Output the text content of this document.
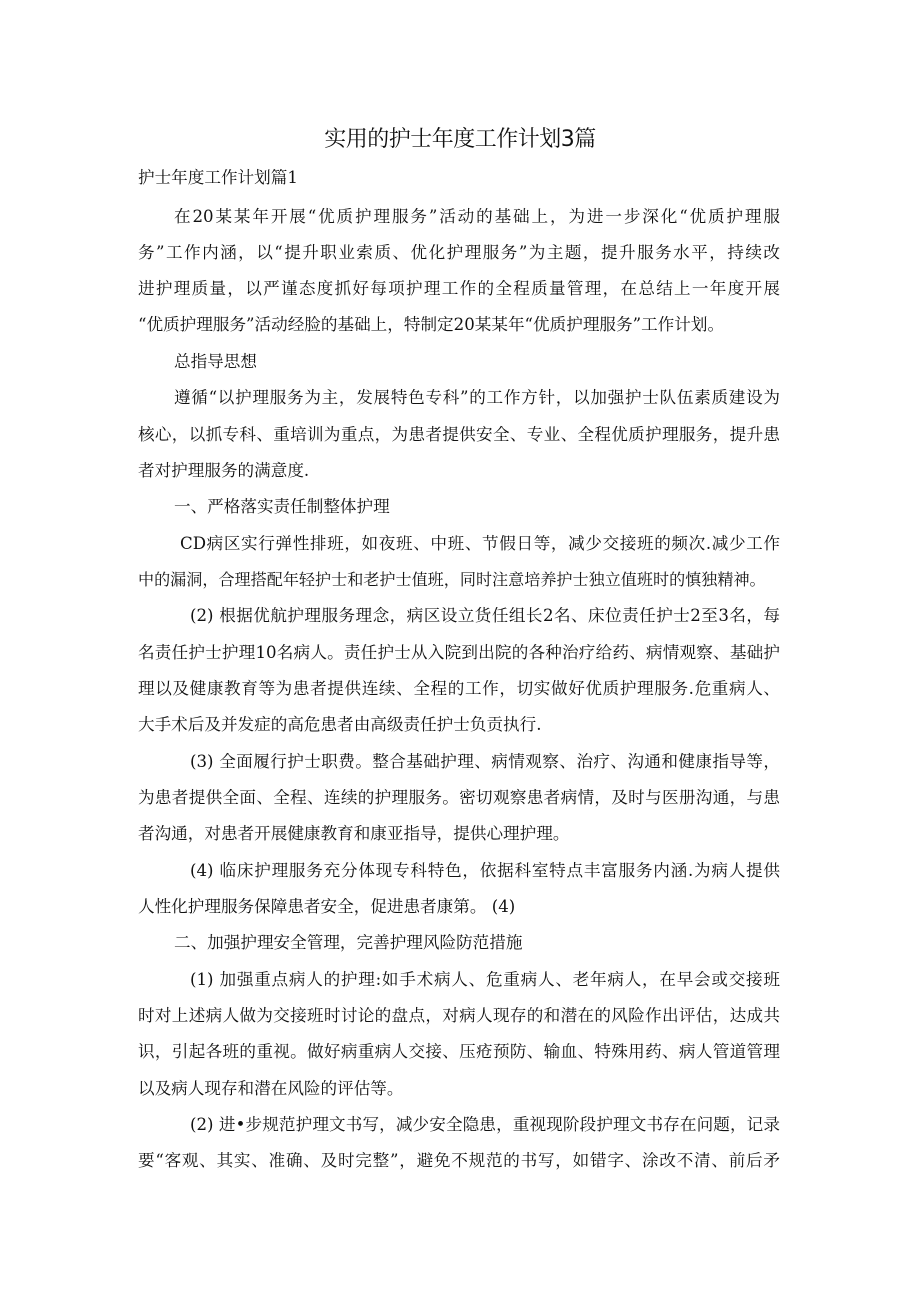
实用的护士年度工作计划3篇
护士年度工作计划篇1
在20某某年开展“优质护理服务”活动的基础上，为进一步深化“优质护理服
务”工作内涵，以“提升职业索质、优化护理服务”为主题，提升服务水平，持续改
进护理质量，以严谨态度抓好每项护理工作的全程质量管理，在总结上一年度开展
“优质护理服务”活动经脸的基础上，特制定20某某年“优质护理服务”工作计划。
总指导思想
遵循“以护理服务为主，发展特色专科”的工作方针，以加强护士队伍素质建设为
核心，以抓专科、重培训为重点，为患者提供安全、专业、全程优质护理服务，提升患
者对护理服务的满意度.
一、严格落实责任制整体护理
CD病区实行弹性排班，如夜班、中班、节假日等，减少交接班的频次.减少工作
中的漏洞，合理搭配年轻护士和老护士值班，同时注意培养护士独立值班时的慎独精神。
(2) 根据优航护理服务理念，病区设立货任组长2名、床位责任护士2至3名，每
名责任护士护理10名病人。责任护士从入院到出院的各种治疗给药、病情观察、基础护
理以及健康教育等为患者提供连续、全程的工作，切实做好优质护理服务.危重病人、
大手术后及并发症的高危患者由高级责任护士负贡执行.
(3) 全面履行护士职费。整合基础护理、病情观察、治疗、沟通和健康指导等，
为患者提供全面、全程、连续的护理服务。密切观察患者病情，及时与医册沟通，与患
者沟通，对患者开展健康教育和康亚指导，提供心理护理。
(4) 临床护理服务充分体现专科特色，依据科室特点丰富服务内涵.为病人提供
人性化护理服务保障患者安全，促进患者康第。 (4)
二、加强护理安全管理，完善护理风险防范措施
(1) 加强重点病人的护理:如手术病人、危重病人、老年病人，在早会或交接班
时对上述病人做为交接班时讨论的盘点，对病人现存的和潜在的风险作出评估，达成共
识，引起各班的重视。做好病重病人交接、压疮预防、输血、特殊用药、病人管道管理
以及病人现存和潜在风险的评估等。
(2) 进•步规范护理文书写，减少安全隐患，重视现阶段护理文书存在问题，记录
要“客观、其实、准确、及时完整”，避免不规范的书写，如错字、涂改不清、前后矛
